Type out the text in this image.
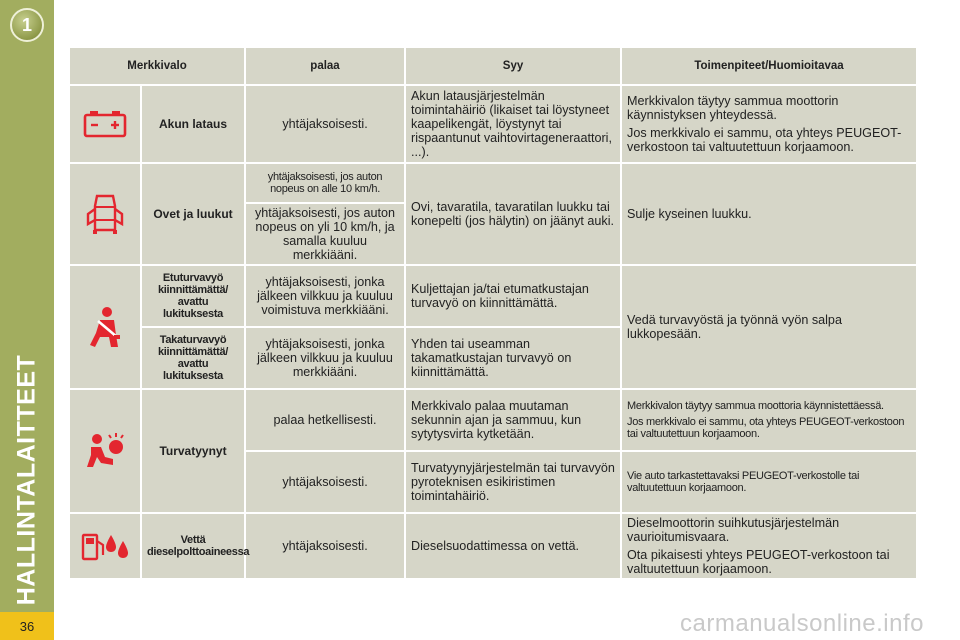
1
HALLINTALAITTEET
36
Merkkivalo		palaa	Syy	Toimenpiteet/Huomioitavaa

	Akun lataus	yhtäjaksoisesti.	Akun latausjärjestelmän toimintahäiriö (likaiset tai löystyneet kaapelikengät, löystynyt tai rispaantunut vaihtovirtageneraattori, ...).	Merkkivalon täytyy sammua moottorin käynnistyksen yhteydessä.

Jos merkkivalo ei sammu, ota yhteys PEUGEOT-verkostoon tai valtuutettuun korjaamoon.

	Ovet ja luukut	yhtäjaksoisesti, jos auton nopeus on alle 10 km/h.	Ovi, tavaratila, tavaratilan luukku tai konepelti (jos hälytin) on jäänyt auki.	Sulje kyseinen luukku.
		yhtäjaksoisesti, jos auton nopeus on yli 10 km/h, ja samalla kuuluu merkkiääni.		

	Etuturvavyö kiinnittämättä/ avattu lukituksesta	yhtäjaksoisesti, jonka jälkeen vilkkuu ja kuuluu voimistuva merkkiääni.	Kuljettajan ja/tai etumatkustajan turvavyö on kiinnittämättä.	Vedä turvavyöstä ja työnnä vyön salpa lukkopesään.
	Takaturvavyö kiinnittämättä/ avattu lukituksesta	yhtäjaksoisesti, jonka jälkeen vilkkuu ja kuuluu merkkiääni.	Yhden tai useamman takamatkustajan turvavyö on kiinnittämättä.	

	Turvatyynyt	palaa hetkellisesti.	Merkkivalo palaa muutaman sekunnin ajan ja sammuu, kun sytytysvirta kytketään.	Merkkivalon täytyy sammua moottoria käynnistettäessä.

Jos merkkivalo ei sammu, ota yhteys PEUGEOT-verkostoon tai valtuutettuun korjaamoon.

		yhtäjaksoisesti.	Turvatyynyjärjestelmän tai turvavyön pyroteknisen esikiristimen toimintahäiriö.	Vie auto tarkastettavaksi PEUGEOT-verkostolle tai valtuutettuun korjaamoon.

	Vettä dieselpolttoaineessa	yhtäjaksoisesti.	Dieselsuodattimessa on vettä.	Dieselmoottorin suihkutusjärjestelmän vaurioitumisvaara.

Ota pikaisesti yhteys PEUGEOT-verkostoon tai valtuutettuun korjaamoon.

carmanualsonline.info
